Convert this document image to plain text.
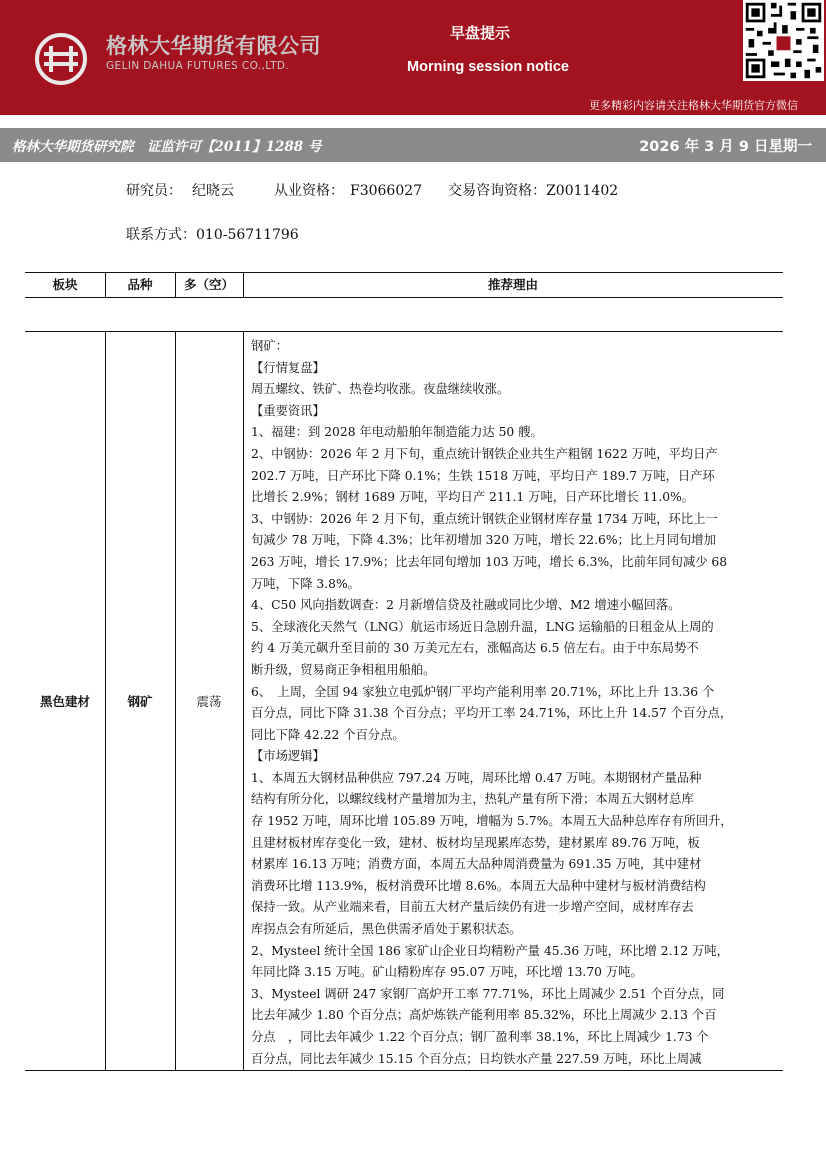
格林大华期货有限公司
GELIN DAHUA FUTURES CO.,LTD.
早盘提示
Morning session notice
更多精彩内容请关注格林大华期货官方微信
格林大华期货研究院　证监许可【2011】1288 号	2026 年 3 月 9 日星期一
研究员： 纪晓云	从业资格： F3066027 交易咨询资格：Z0011402
联系方式：010-56711796
板块	品种	多（空）	推荐理由
黑色建材	钢矿	震荡

钢矿：

【行情复盘】

周五螺纹、铁矿、热卷均收涨。夜盘继续收涨。

【重要资讯】

1、福建：到 2028 年电动船舶年制造能力达 50 艘。

2、中钢协：2026 年 2 月下旬，重点统计钢铁企业共生产粗钢 1622 万吨，平均日产

202.7 万吨，日产环比下降 0.1%；生铁 1518 万吨，平均日产 189.7 万吨，日产环

比增长 2.9%；钢材 1689 万吨，平均日产 211.1 万吨，日产环比增长 11.0%。

3、中钢协：2026 年 2 月下旬，重点统计钢铁企业钢材库存量 1734 万吨，环比上一

旬减少 78 万吨，下降 4.3%；比年初增加 320 万吨，增长 22.6%；比上月同旬增加

263 万吨，增长 17.9%；比去年同旬增加 103 万吨，增长 6.3%，比前年同旬减少 68

万吨，下降 3.8%。

4、C50 风向指数调查：2 月新增信贷及社融或同比少增、M2 增速小幅回落。

5、全球液化天然气（LNG）航运市场近日急剧升温，LNG 运输船的日租金从上周的

约 4 万美元飙升至目前的 30 万美元左右，涨幅高达 6.5 倍左右。由于中东局势不

断升级，贸易商正争相租用船舶。

6、　上周，全国 94 家独立电弧炉钢厂平均产能利用率 20.71%，环比上升 13.36 个

百分点，同比下降 31.38 个百分点；平均开工率 24.71%，环比上升 14.57 个百分点，

同比下降 42.22 个百分点。

【市场逻辑】

1、本周五大钢材品种供应 797.24 万吨，周环比增 0.47 万吨。本期钢材产量品种

结构有所分化，以螺纹线材产量增加为主，热轧产量有所下滑；本周五大钢材总库

存 1952 万吨，周环比增 105.89 万吨，增幅为 5.7%。本周五大品种总库存有所回升，

且建材板材库存变化一致，建材、板材均呈现累库态势，建材累库 89.76 万吨，板

材累库 16.13 万吨；消费方面，本周五大品种周消费量为 691.35 万吨，其中建材

消费环比增 113.9%，板材消费环比增 8.6%。本周五大品种中建材与板材消费结构

保持一致。从产业端来看，目前五大材产量后续仍有进一步增产空间，成材库存去

库拐点会有所延后，黑色供需矛盾处于累积状态。

2、Mysteel 统计全国 186 家矿山企业日均精粉产量 45.36 万吨，环比增 2.12 万吨，

年同比降 3.15 万吨。矿山精粉库存 95.07 万吨，环比增 13.70 万吨。

3、Mysteel 调研 247 家钢厂高炉开工率 77.71%，环比上周减少 2.51 个百分点，同

比去年减少 1.80 个百分点；高炉炼铁产能利用率 85.32%，环比上周减少 2.13 个百

分点　，同比去年减少 1.22 个百分点；钢厂盈利率 38.1%，环比上周减少 1.73 个

百分点，同比去年减少 15.15 个百分点；日均铁水产量 227.59 万吨，环比上周减
